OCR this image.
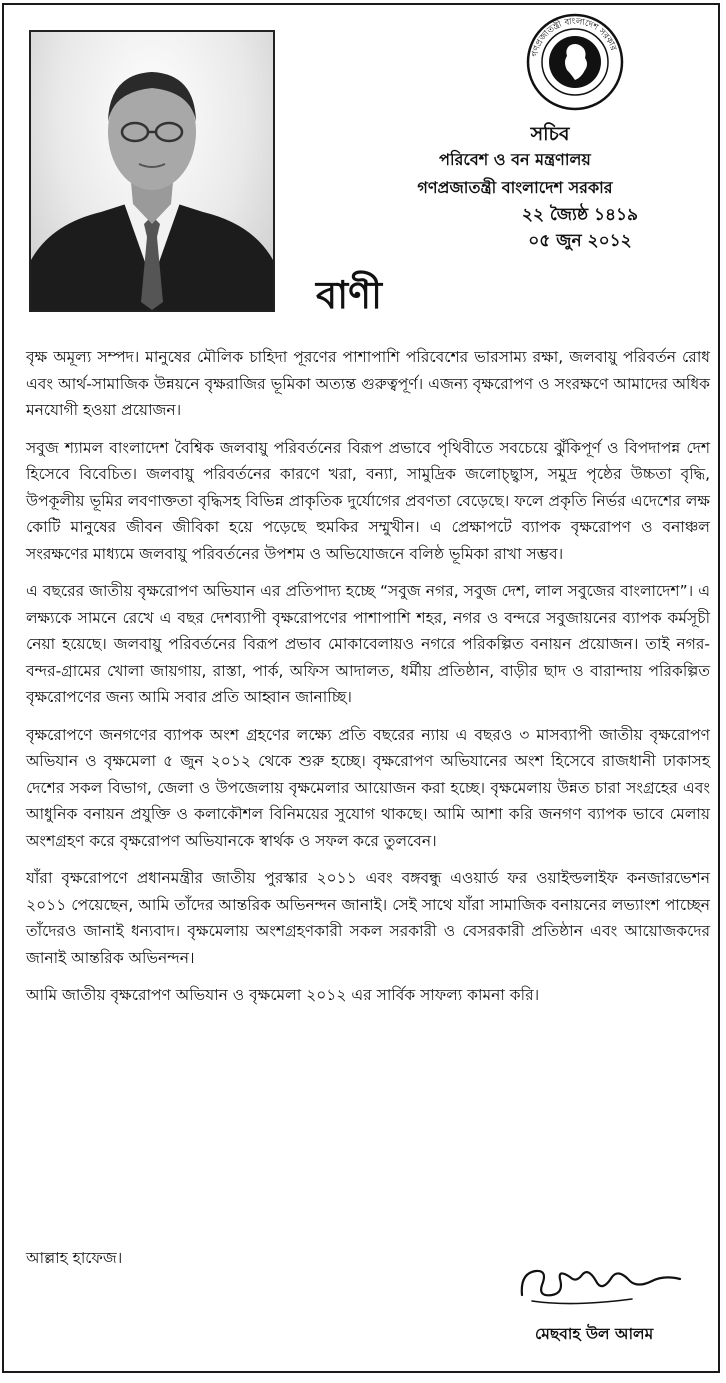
গণপ্রজাতন্ত্রী বাংলাদেশ সরকার
সচিব
পরিবেশ ও বন মন্ত্রণালয়
গণপ্রজাতন্ত্রী বাংলাদেশ সরকার
২২ জ্যৈষ্ঠ ১৪১৯
০৫ জুন ২০১২
বাণী

বৃক্ষ অমূল্য সম্পদ। মানুষের মৌলিক চাহিদা পূরণের পাশাপাশি পরিবেশের ভারসাম্য রক্ষা, জলবায়ু পরিবর্তন রোধ এবং আর্থ-সামাজিক উন্নয়নে বৃক্ষরাজির ভূমিকা অত্যন্ত গুরুত্বপূর্ণ। এজন্য বৃক্ষরোপণ ও সংরক্ষণে আমাদের অধিক মনযোগী হওয়া প্রয়োজন।

সবুজ শ্যামল বাংলাদেশ বৈশ্বিক জলবায়ু পরিবর্তনের বিরূপ প্রভাবে পৃথিবীতে সবচেয়ে ঝুঁকিপূর্ণ ও বিপদাপন্ন দেশ হিসেবে বিবেচিত। জলবায়ু পরিবর্তনের কারণে খরা, বন্যা, সামুদ্রিক জলোচ্ছ্বাস, সমুদ্র পৃষ্ঠের উচ্চতা বৃদ্ধি, উপকূলীয় ভূমির লবণাক্ততা বৃদ্ধিসহ বিভিন্ন প্রাকৃতিক দুর্যোগের প্রবণতা বেড়েছে। ফলে প্রকৃতি নির্ভর এদেশের লক্ষ কোটি মানুষের জীবন জীবিকা হয়ে পড়েছে হুমকির সম্মুখীন। এ প্রেক্ষাপটে ব্যাপক বৃক্ষরোপণ ও বনাঞ্চল সংরক্ষণের মাধ্যমে জলবায়ু পরিবর্তনের উপশম ও অভিযোজনে বলিষ্ঠ ভূমিকা রাখা সম্ভব।

এ বছরের জাতীয় বৃক্ষরোপণ অভিযান এর প্রতিপাদ্য হচ্ছে “সবুজ নগর, সবুজ দেশ, লাল সবুজের বাংলাদেশ”। এ লক্ষ্যকে সামনে রেখে এ বছর দেশব্যাপী বৃক্ষরোপণের পাশাপাশি শহর, নগর ও বন্দরে সবুজায়নের ব্যাপক কর্মসূচী নেয়া হয়েছে। জলবায়ু পরিবর্তনের বিরূপ প্রভাব মোকাবেলায়ও নগরে পরিকল্পিত বনায়ন প্রয়োজন। তাই নগর-বন্দর-গ্রামের খোলা জায়গায়, রাস্তা, পার্ক, অফিস আদালত, ধর্মীয় প্রতিষ্ঠান, বাড়ীর ছাদ ও বারান্দায় পরিকল্পিত বৃক্ষরোপণের জন্য আমি সবার প্রতি আহ্বান জানাচ্ছি।

বৃক্ষরোপণে জনগণের ব্যাপক অংশ গ্রহণের লক্ষ্যে প্রতি বছরের ন্যায় এ বছরও ৩ মাসব্যাপী জাতীয় বৃক্ষরোপণ অভিযান ও বৃক্ষমেলা ৫ জুন ২০১২ থেকে শুরু হচ্ছে। বৃক্ষরোপণ অভিযানের অংশ হিসেবে রাজধানী ঢাকাসহ দেশের সকল বিভাগ, জেলা ও উপজেলায় বৃক্ষমেলার আয়োজন করা হচ্ছে। বৃক্ষমেলায় উন্নত চারা সংগ্রহের এবং আধুনিক বনায়ন প্রযুক্তি ও কলাকৌশল বিনিময়ের সুযোগ থাকছে। আমি আশা করি জনগণ ব্যাপক ভাবে মেলায় অংশগ্রহণ করে বৃক্ষরোপণ অভিযানকে স্বার্থক ও সফল করে তুলবেন।

যাঁরা বৃক্ষরোপণে প্রধানমন্ত্রীর জাতীয় পুরস্কার ২০১১ এবং বঙ্গবন্ধু এওয়ার্ড ফর ওয়াইল্ডলাইফ কনজারভেশন ২০১১ পেয়েছেন, আমি তাঁদের আন্তরিক অভিনন্দন জানাই। সেই সাথে যাঁরা সামাজিক বনায়নের লভ্যাংশ পাচ্ছেন তাঁদেরও জানাই ধন্যবাদ। বৃক্ষমেলায় অংশগ্রহণকারী সকল সরকারী ও বেসরকারী প্রতিষ্ঠান এবং আয়োজকদের জানাই আন্তরিক অভিনন্দন।

আমি জাতীয় বৃক্ষরোপণ অভিযান ও বৃক্ষমেলা ২০১২ এর সার্বিক সাফল্য কামনা করি।

আল্লাহ হাফেজ।
মেছবাহ উল আলম
